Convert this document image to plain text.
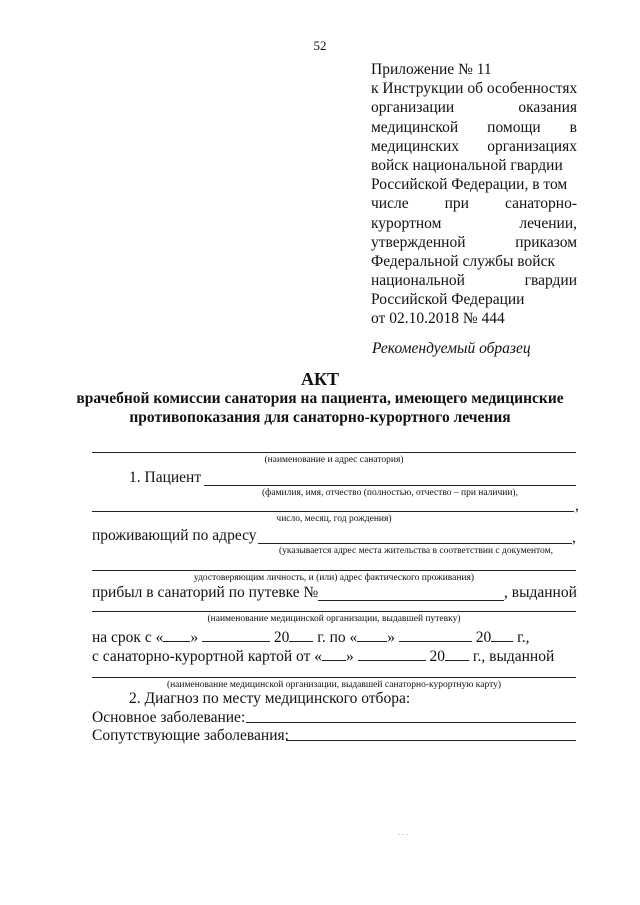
52
Приложение № 11
к Инструкции об особенностях
организации	оказания
медицинской помощи в
медицинских организациях
войск национальной гвардии
Российской Федерации, в том
числе при санаторно-
курортном	лечении,
утвержденной	приказом
Федеральной службы войск
национальной	гвардии
Российской Федерации
от 02.10.2018 № 444
Рекомендуемый образец
АКТ
врачебной комиссии санатория на пациента, имеющего медицинские
противопоказания для санаторно-курортного лечения
(наименование и адрес санатория)
1. Пациент
(фамилия, имя, отчество (полностью, отчество – при наличии),
,
число, месяц, год рождения)
проживающий по адресу	,
(указывается адрес места жительства в соответствии с документом,
удостоверяющим личность, и (или) адрес фактического проживания)
прибыл в санаторий по путевке №	, выданной
(наименование медицинской организации, выдавшей путевку)
на срок с « »	20 г. по « »	20 г.,
с санаторно-курортной картой от « »	20 г., выданной
(наименование медицинской организации, выдавшей санаторно-курортную карту)
2. Диагноз по месту медицинского отбора:
Основное заболевание:
Сопутствующие заболевания:
. . .
